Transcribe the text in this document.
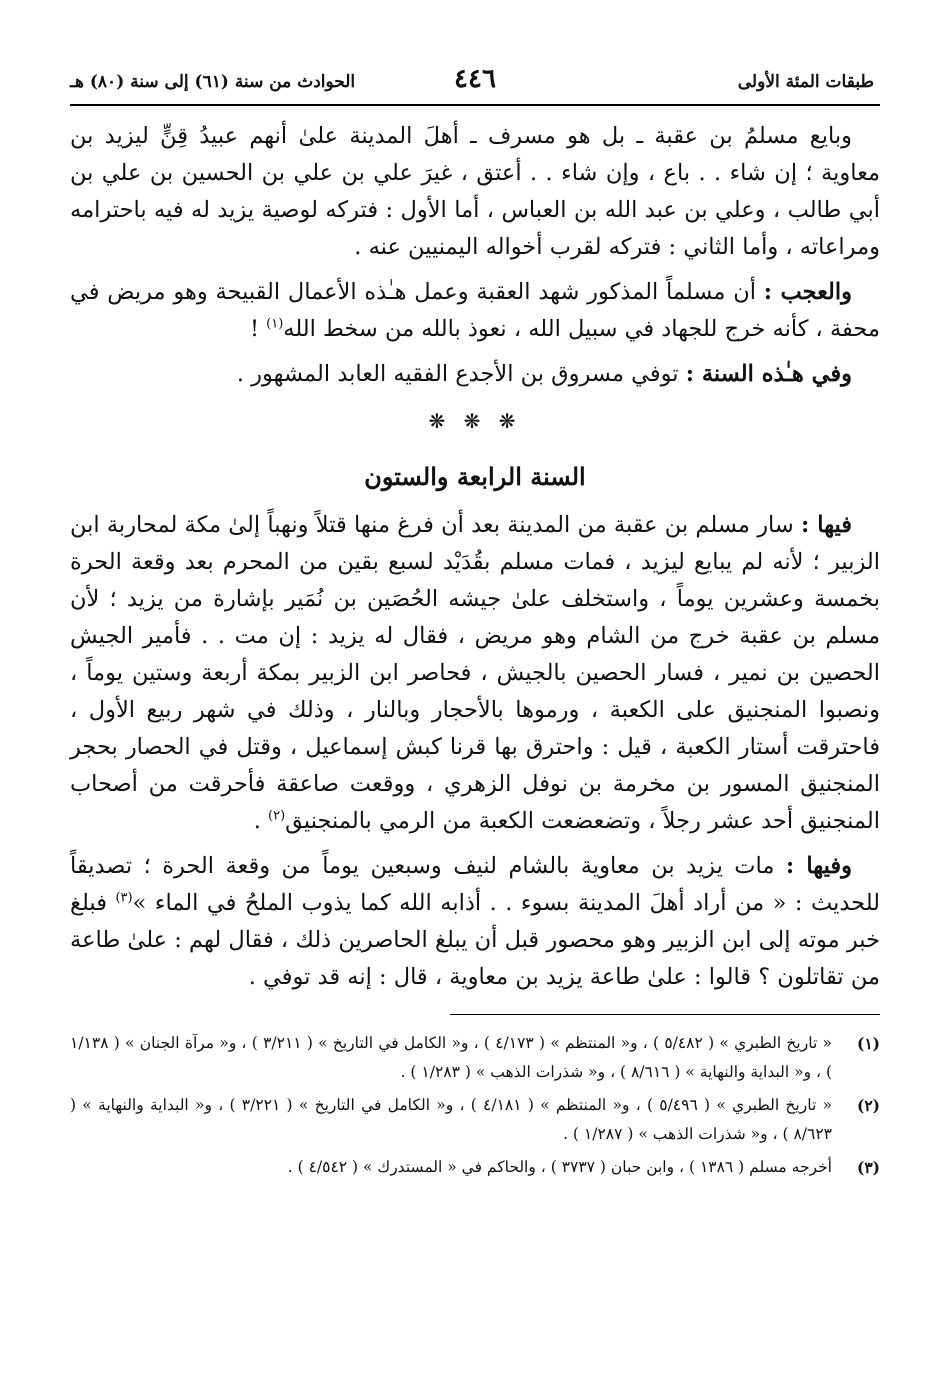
طبقات المئة الأولى
٤٤٦
الحوادث من سنة (٦١) إلى سنة (٨٠) هـ

وبايع مسلمُ بن عقبة ـ بل هو مسرف ـ أهلَ المدينة علىٰ أنهم عبيدُ قِنٍّ ليزيد بن معاوية ؛ إن شاء . . باع ، وإن شاء . . أعتق ، غيرَ علي بن علي بن الحسين بن علي بن أبي طالب ، وعلي بن عبد الله بن العباس ، أما الأول : فتركه لوصية يزيد له فيه باحترامه ومراعاته ، وأما الثاني : فتركه لقرب أخواله اليمنيين عنه .

والعجب : أن مسلماً المذكور شهد العقبة وعمل هـٰذه الأعمال القبيحة وهو مريض في محفة ، كأنه خرج للجهاد في سبيل الله ، نعوذ بالله من سخط الله$^{(١)}$ !

وفي هـٰذه السنة : توفي مسروق بن الأجدع الفقيه العابد المشهور .

❋ ❋ ❋
السنة الرابعة والستون

فيها : سار مسلم بن عقبة من المدينة بعد أن فرغ منها قتلاً ونهباً إلىٰ مكة لمحاربة ابن الزبير ؛ لأنه لم يبايع ليزيد ، فمات مسلم بقُدَيْد لسبع بقين من المحرم بعد وقعة الحرة بخمسة وعشرين يوماً ، واستخلف علىٰ جيشه الحُصَين بن نُمَير بإشارة من يزيد ؛ لأن مسلم بن عقبة خرج من الشام وهو مريض ، فقال له يزيد : إن مت . . فأمير الجيش الحصين بن نمير ، فسار الحصين بالجيش ، فحاصر ابن الزبير بمكة أربعة وستين يوماً ، ونصبوا المنجنيق على الكعبة ، ورموها بالأحجار وبالنار ، وذلك في شهر ربيع الأول ، فاحترقت أستار الكعبة ، قيل : واحترق بها قرنا كبش إسماعيل ، وقتل في الحصار بحجر المنجنيق المسور بن مخرمة بن نوفل الزهري ، ووقعت صاعقة فأحرقت من أصحاب المنجنيق أحد عشر رجلاً ، وتضعضعت الكعبة من الرمي بالمنجنيق$^{(٢)}$ .

وفيها : مات يزيد بن معاوية بالشام لنيف وسبعين يوماً من وقعة الحرة ؛ تصديقاً للحديث : « من أراد أهلَ المدينة بسوء . . أذابه الله كما يذوب الملحُ في الماء »$^{(٣)}$ فبلغ خبر موته إلى ابن الزبير وهو محصور قبل أن يبلغ الحاصرين ذلك ، فقال لهم : علىٰ طاعة من تقاتلون ؟ قالوا : علىٰ طاعة يزيد بن معاوية ، قال : إنه قد توفي .

(١)
« تاريخ الطبري » ( ٥/٤٨٢ ) ، و« المنتظم » ( ٤/١٧٣ ) ، و« الكامل في التاريخ » ( ٣/٢١١ ) ، و« مرآة الجنان » ( ١/١٣٨ ) ، و« البداية والنهاية » ( ٨/٦١٦ ) ، و« شذرات الذهب » ( ١/٢٨٣ ) .
(٢)
« تاريخ الطبري » ( ٥/٤٩٦ ) ، و« المنتظم » ( ٤/١٨١ ) ، و« الكامل في التاريخ » ( ٣/٢٢١ ) ، و« البداية والنهاية » ( ٨/٦٢٣ ) ، و« شذرات الذهب » ( ١/٢٨٧ ) .
(٣)
أخرجه مسلم ( ١٣٨٦ ) ، وابن حبان ( ٣٧٣٧ ) ، والحاكم في « المستدرك » ( ٤/٥٤٢ ) .
